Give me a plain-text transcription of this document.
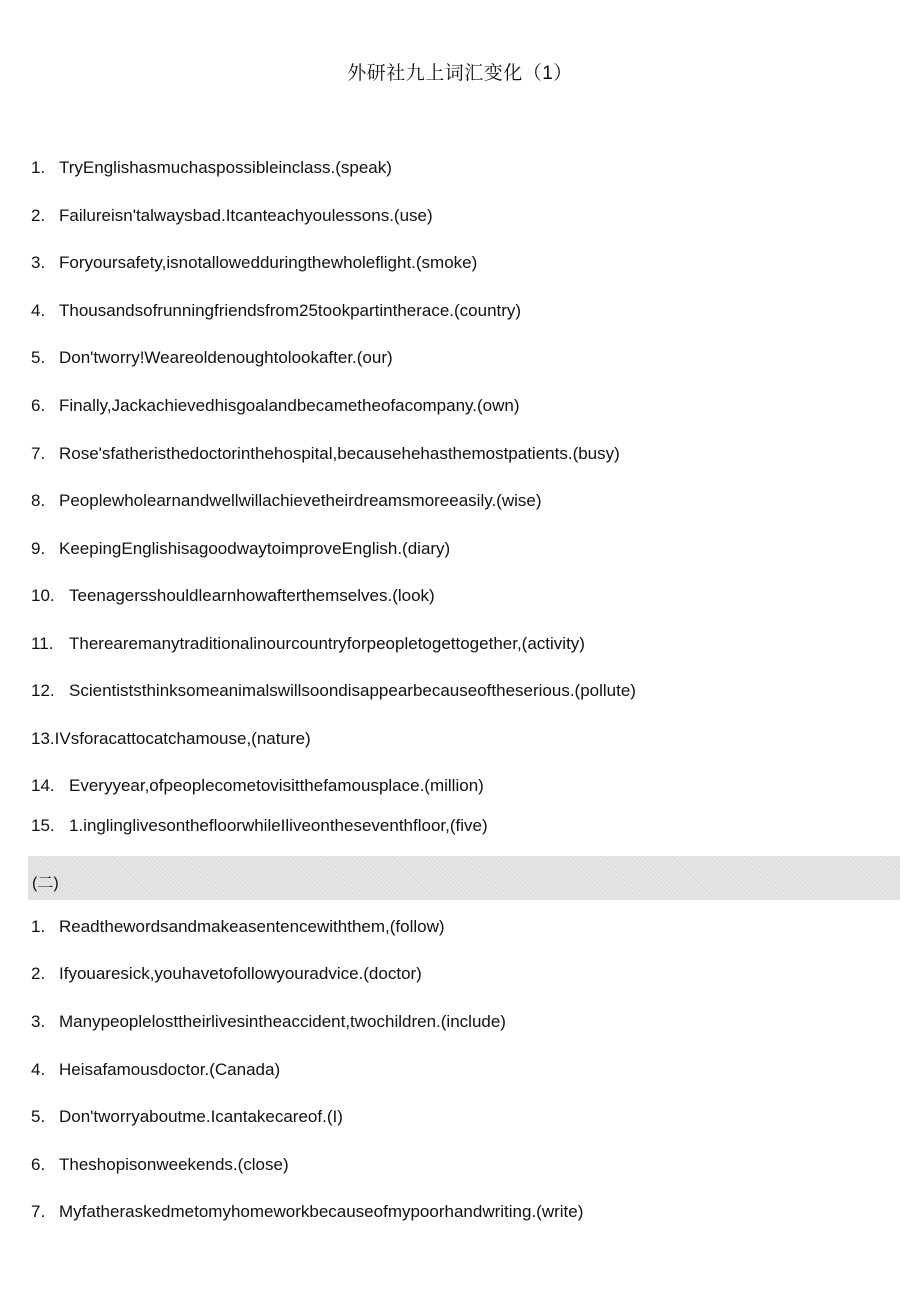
外研社九上词汇变化（1）
1. TryEnglishasmuchaspossibleinclass.(speak)
2. Failureisn'talwaysbad.Itcanteachyoulessons.(use)
3. Foryoursafety,isnotallowedduringthewholeflight.(smoke)
4. Thousandsofrunningfriendsfrom25tookpartintherace.(country)
5. Don'tworry!Weareoldenoughtolookafter.(our)
6. Finally,Jackachievedhisgoalandbecametheofacompany.(own)
7. Rose'sfatheristhedoctorinthehospital,becausehehasthemostpatients.(busy)
8. Peoplewholearnandwellwillachievetheirdreamsmoreeasily.(wise)
9. KeepingEnglishisagoodwaytoimproveEnglish.(diary)
10. Teenagersshouldlearnhowafterthemselves.(look)
11. Therearemanytraditionalinourcountryforpeopletogettogether,(activity)
12. Scientiststhinksomeanimalswillsoondisappearbecauseoftheserious.(pollute)
13.IVsforacattocatchamouse,(nature)
14. Everyyear,ofpeoplecometovisitthefamousplace.(million)
15. 1.inglinglivesonthefloorwhileIliveontheseventhfloor,(five)
(二)
1. Readthewordsandmakeasentencewiththem,(follow)
2. Ifyouaresick,youhavetofollowyouradvice.(doctor)
3. Manypeoplelosttheirlivesintheaccident,twochildren.(include)
4. Heisafamousdoctor.(Canada)
5. Don'tworryaboutme.Icantakecareof.(I)
6. Theshopisonweekends.(close)
7. Myfatheraskedmetomyhomeworkbecauseofmypoorhandwriting.(write)
